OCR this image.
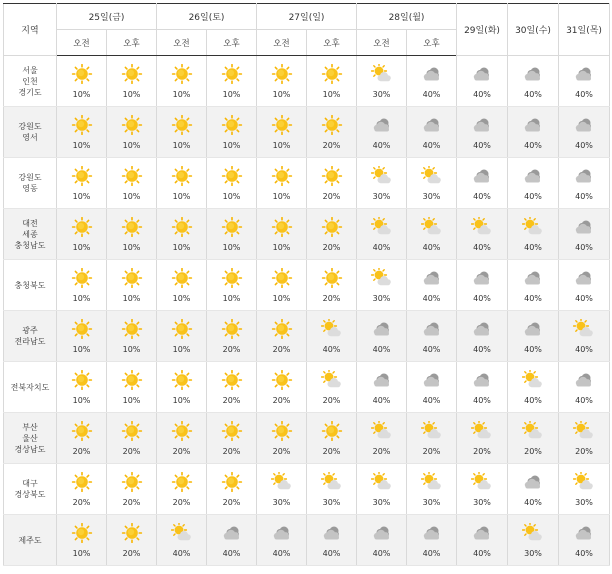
지역	25일(금)		26일(토)		27일(일)		28일(월)		29일(화)	30일(수)	31일(목)
	오전	오후	오전	오후	오전	오후	오전	오후			

서울
인천
경기도	10%	10%	10%	10%	10%	10%	30%	40%	40%	40%	40%

강원도
영서	10%	10%	10%	10%	10%	20%	40%	40%	40%	40%	40%

강원도
영동	10%	10%	10%	10%	10%	20%	30%	30%	40%	40%	40%

대전
세종
충청남도	10%	10%	10%	10%	10%	20%	40%	40%	40%	40%	40%

충청북도	10%	10%	10%	10%	10%	20%	30%	40%	40%	40%	40%

광주
전라남도	10%	10%	10%	20%	20%	40%	40%	40%	40%	40%	40%

전북자치도	10%	10%	10%	20%	20%	20%	40%	40%	40%	40%	40%

부산
울산
경상남도	20%	20%	20%	20%	20%	20%	20%	20%	20%	20%	20%

대구
경상북도	20%	20%	20%	20%	30%	30%	30%	30%	30%	40%	30%

제주도	10%	20%	40%	40%	40%	40%	40%	40%	40%	30%	40%
